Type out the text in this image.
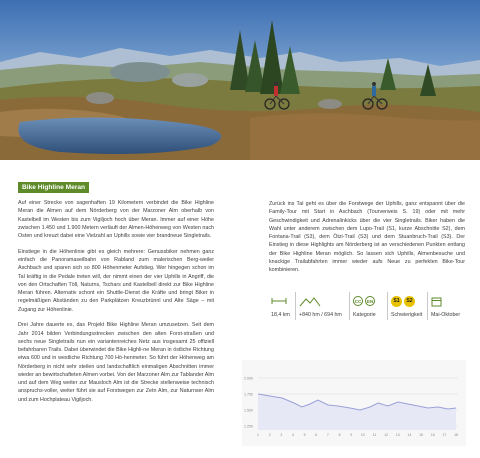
Bike Highline Meran

Auf einer Strecke von sagenhaften 19 Kilometern verbindet die Bike Highline Meran die Almen auf dem Nörderberg von der Marzoner Alm oberhalb von Kastelbell im Westen bis zum Vigiljoch hoch über Meran. Immer auf einer Höhe zwischen 1.450 und 1.900 Metern verläuft der Almen-Höhenweg von Westen nach Osten und kreuzt dabei eine Vielzahl an Uphills sowie vier brandneue Singletrails.

Einstiege in die Höhenlinie gibt es gleich mehrere: Genussbiker nehmen ganz einfach die Panoramaseilbahn von Rabland zum malerischen Berg-weiler Aschbach und sparen sich so 800 Höhenmeter Aufstieg. Wer hingegen schon im Tal kräftig in die Pedale treten will, der nimmt einen der vier Uphills in Angriff, die von den Ortschaften Töll, Naturns, Tschars und Kastelbell direkt zur Bike Highline Meran führen. Alternativ schont ein Shuttle-Dienst die Kräfte und bringt Biker in regelmäßigen Abständen zu den Parkplätzen Kreuzbrünnl und Alte Säge – mit Zugang zur Höhenlinie.

Drei Jahre dauerte es, das Projekt Bike Highline Meran umzusetzen. Seit dem Jahr 2014 bilden Verbindungsstrecken zwischen den alten Forst-straßen und sechs neue Singletrails nun ein variantenreiches Netz aus insgesamt 25 offiziell befahrbaren Trails. Dabei überwindet die Bike Highli-ne Meran in östliche Richtung etwa 600 und in westliche Richtung 700 Hö-henmeter. So führt der Höhenweg am Nörderberg in nicht sehr steilen und landschaftlich einmaligen Abschnitten immer wieder an bewirtschafteten Almen vorbei. Von der Marzoner Alm zur Tablander Alm und auf dem Weg weiter zur Mausloch Alm ist die Strecke stellenweise technisch anspruchs-voller, weiter führt sie auf Forstwegen zur Zetn Alm, zur Naturnser Alm und zum Hochplateau Vigiljoch.

Zurück ins Tal geht es über die Forstwege der Uphills, ganz entspannt über die Family-Tour mit Start in Aschbach (Tourverweis S. 19) oder mit mehr Geschwindigkeit und Adrenalinkicks über die vier Singletrails. Biker haben die Wahl unter anderem zwischen dem Lupo-Trail (S1, kurze Abschnitte S2), dem Fontana-Trail (S3), dem Ötzi-Trail (S3) und dem Stuanbruch-Trail (S3). Der Einstieg in diese Highlights am Nörderberg ist an verschiedenen Punkten entlang der Bike Highline Meran möglich. So lassen sich Uphills, Almenbesuche und knackige Trailabfahrten immer wieder aufs Neue zu perfekten Bike-Tour kombinieren.

18,4 km +840 hm / 694 hm
CC	EN
Kategorie
S1	S2
Schwierigkeit Mai-Oktober
2.000
1.750
1.500
1.250
1	2	3	4	5	6	7	8	9	10 11 12 13 14 15 16 17 18
